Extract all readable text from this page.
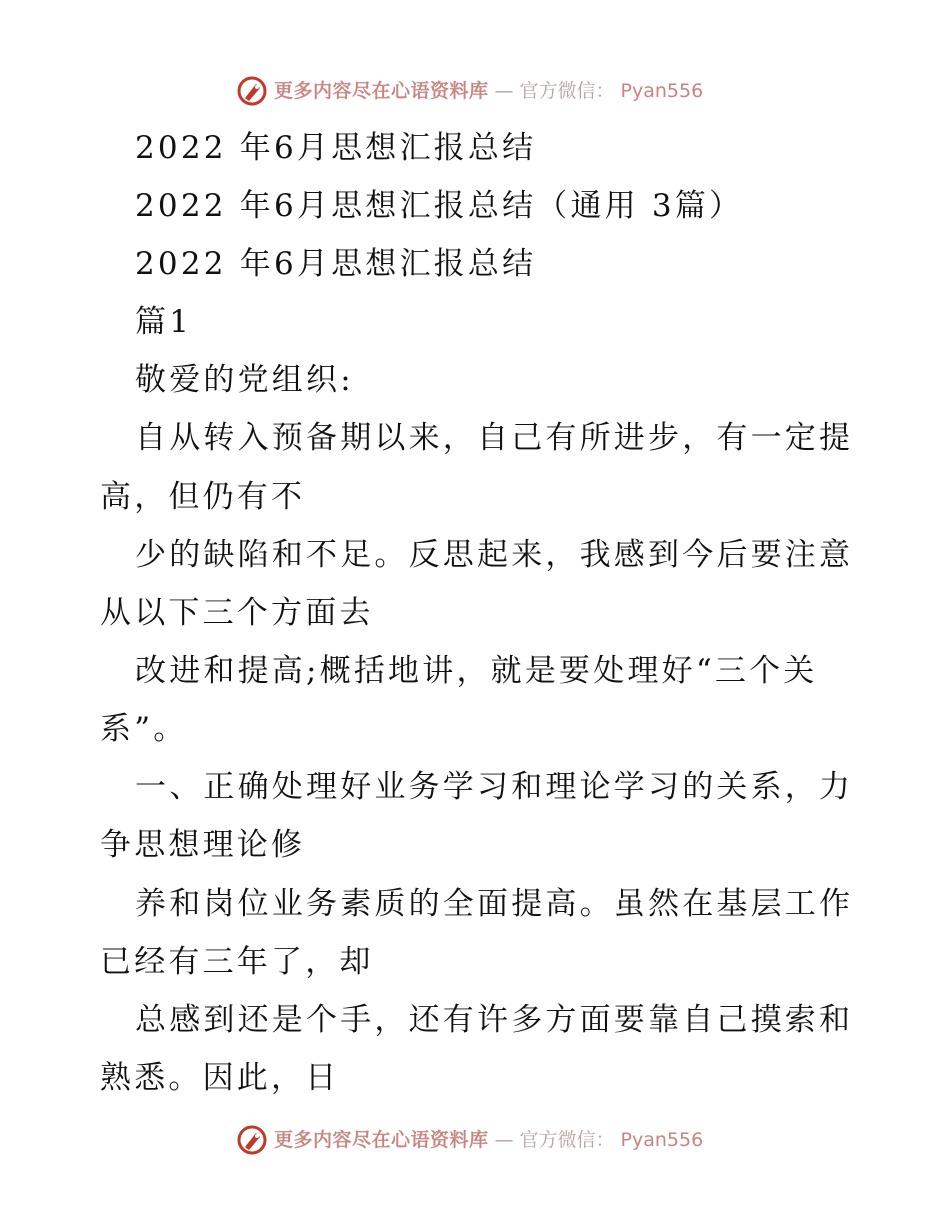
更多内容尽在心语资料库 — 官方微信： Pyan556
2022 年6月思想汇报总结
2022 年6月思想汇报总结（通用 3篇）
2022 年6月思想汇报总结
篇1
敬爱的党组织:
自从转入预备期以来，自己有所进步，有一定提
高，但仍有不
少的缺陷和不足。反思起来，我感到今后要注意
从以下三个方面去
改进和提高;概括地讲，就是要处理好“三个关
系”。
一、正确处理好业务学习和理论学习的关系，力
争思想理论修
养和岗位业务素质的全面提高。虽然在基层工作
已经有三年了，却
总感到还是个手，还有许多方面要靠自己摸索和
熟悉。因此，日
更多内容尽在心语资料库 — 官方微信： Pyan556
